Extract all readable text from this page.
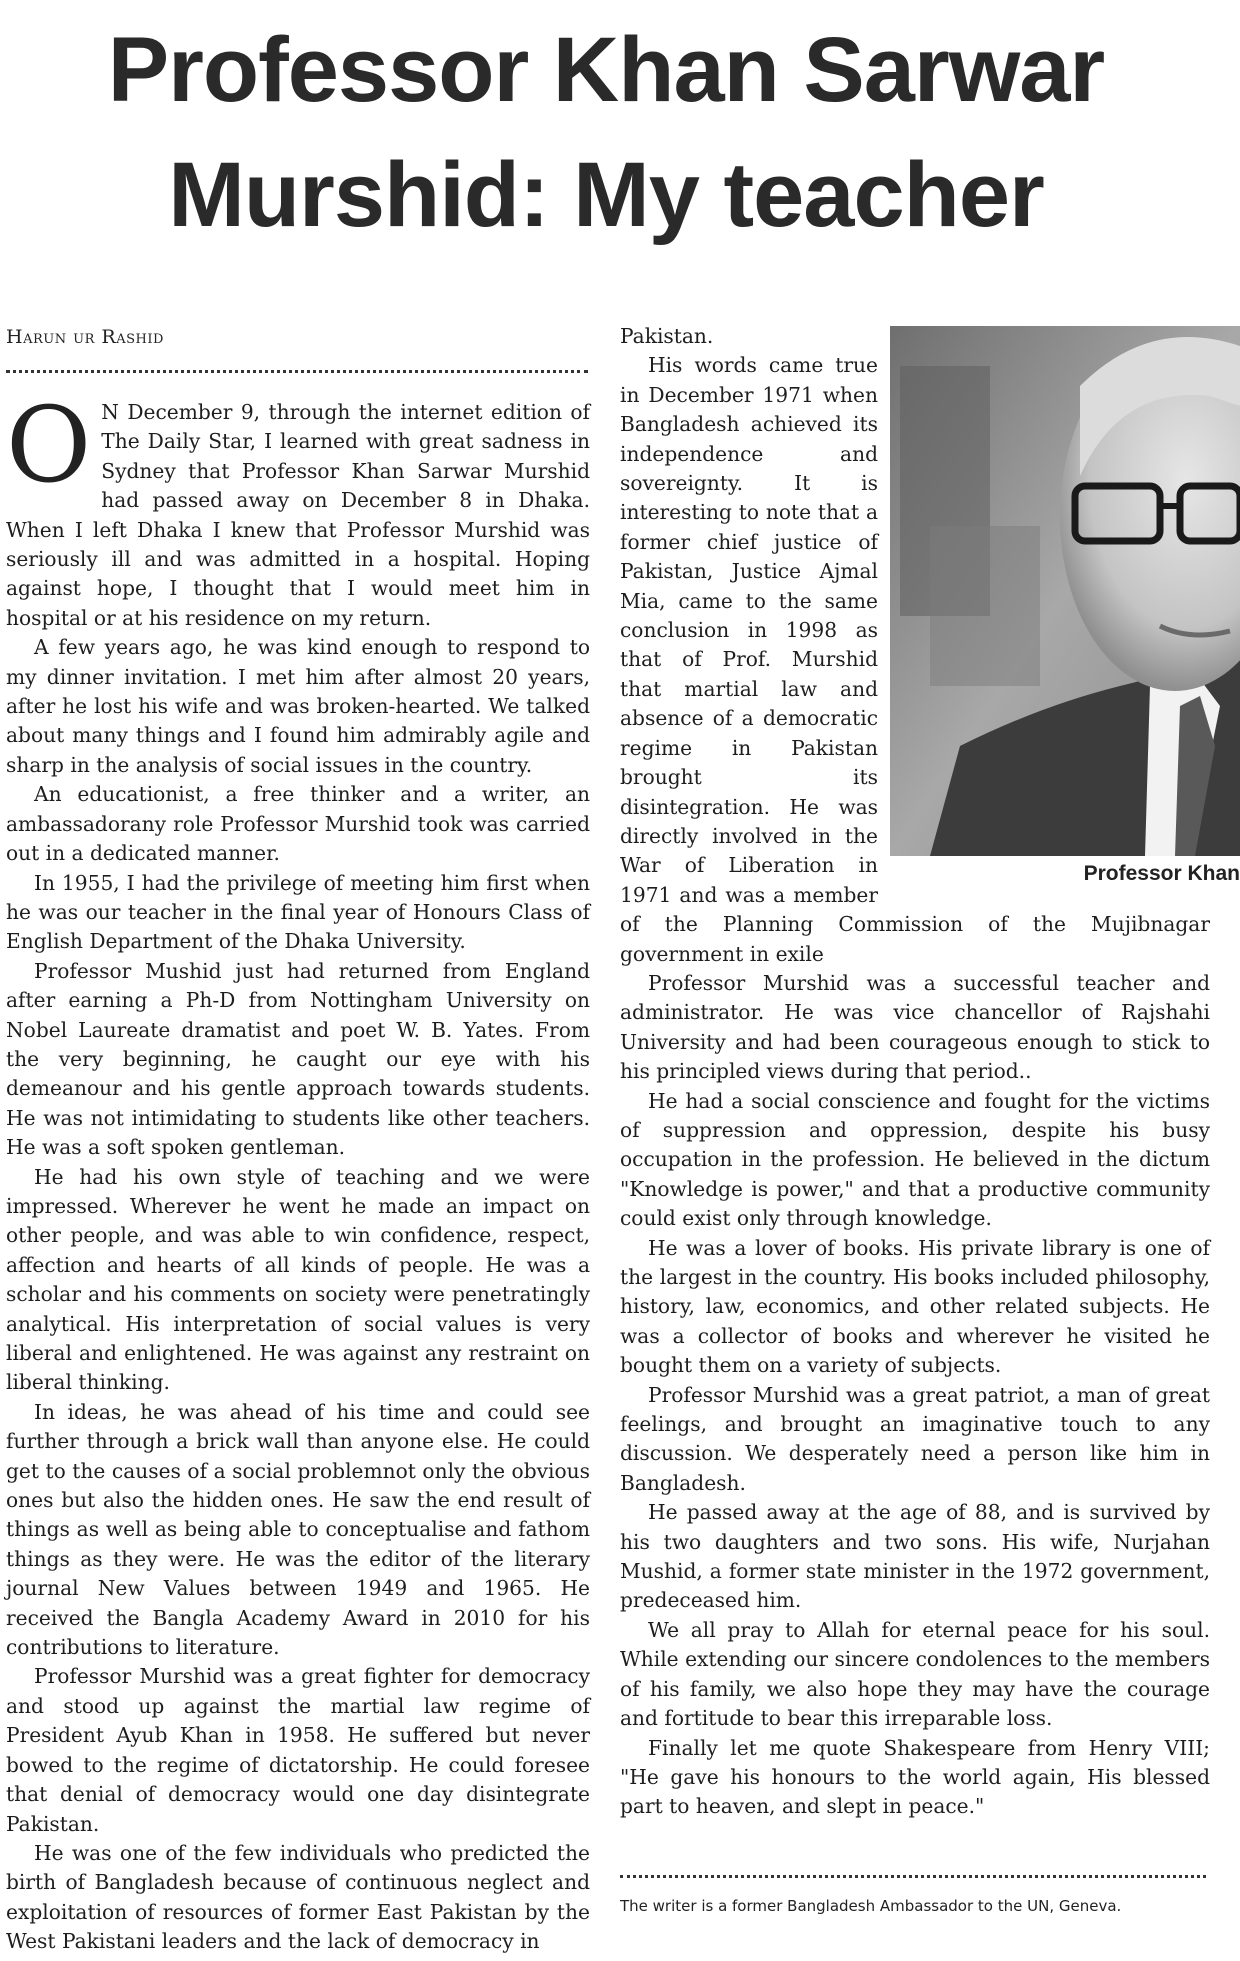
Professor Khan Sarwar Murshid: My teacher
Harun ur Rashid

O N December 9, through the internet edition of The Daily Star, I learned with great sadness in Sydney that Professor Khan Sarwar Murshid had passed away on December 8 in Dhaka. When I left Dhaka I knew that Professor Murshid was seriously ill and was admitted in a hospital. Hoping against hope, I thought that I would meet him in hospital or at his residence on my return.

A few years ago, he was kind enough to respond to my dinner invitation. I met him after almost 20 years, after he lost his wife and was broken-hearted. We talked about many things and I found him admirably agile and sharp in the analysis of social issues in the country.

An educationist, a free thinker and a writer, an ambassadorany role Professor Murshid took was carried out in a dedicated manner.

In 1955, I had the privilege of meeting him first when he was our teacher in the final year of Honours Class of English Department of the Dhaka University.

Professor Mushid just had returned from England after earning a Ph-D from Nottingham University on Nobel Laureate dramatist and poet W. B. Yates. From the very beginning, he caught our eye with his demeanour and his gentle approach towards students. He was not intimidating to students like other teachers. He was a soft spoken gentleman.

He had his own style of teaching and we were impressed. Wherever he went he made an impact on other people, and was able to win confidence, respect, affection and hearts of all kinds of people. He was a scholar and his comments on society were penetratingly analytical. His interpretation of social values is very liberal and enlightened. He was against any restraint on liberal thinking.

In ideas, he was ahead of his time and could see further through a brick wall than anyone else. He could get to the causes of a social problemnot only the obvious ones but also the hidden ones. He saw the end result of things as well as being able to conceptualise and fathom things as they were. He was the editor of the literary journal New Values between 1949 and 1965. He received the Bangla Academy Award in 2010 for his contributions to literature.

Professor Murshid was a great fighter for democracy and stood up against the martial law regime of President Ayub Khan in 1958. He suffered but never bowed to the regime of dictatorship. He could foresee that denial of democracy would one day disintegrate Pakistan.

He was one of the few individuals who predicted the birth of Bangladesh because of continuous neglect and exploitation of resources of former East Pakistan by the West Pakistani leaders and the lack of democracy in

Professor Khan

Pakistan.

His words came true in December 1971 when Bangladesh achieved its independence and sovereignty. It is interesting to note that a former chief justice of Pakistan, Justice Ajmal Mia, came to the same conclusion in 1998 as that of Prof. Murshid that martial law and absence of a democratic regime in Pakistan brought its disintegration. He was directly involved in the War of Liberation in 1971 and was a member of the Planning Commission of the Mujibnagar government in exile

Professor Murshid was a successful teacher and administrator. He was vice chancellor of Rajshahi University and had been courageous enough to stick to his principled views during that period..

He had a social conscience and fought for the victims of suppression and oppression, despite his busy occupation in the profession. He believed in the dictum "Knowledge is power," and that a productive community could exist only through knowledge.

He was a lover of books. His private library is one of the largest in the country. His books included philosophy, history, law, economics, and other related subjects. He was a collector of books and wherever he visited he bought them on a variety of subjects.

Professor Murshid was a great patriot, a man of great feelings, and brought an imaginative touch to any discussion. We desperately need a person like him in Bangladesh.

He passed away at the age of 88, and is survived by his two daughters and two sons. His wife, Nurjahan Mushid, a former state minister in the 1972 government, predeceased him.

We all pray to Allah for eternal peace for his soul. While extending our sincere condolences to the members of his family, we also hope they may have the courage and fortitude to bear this irreparable loss.

Finally let me quote Shakespeare from Henry VIII; "He gave his honours to the world again, His blessed part to heaven, and slept in peace."

The writer is a former Bangladesh Ambassador to the UN, Geneva.
